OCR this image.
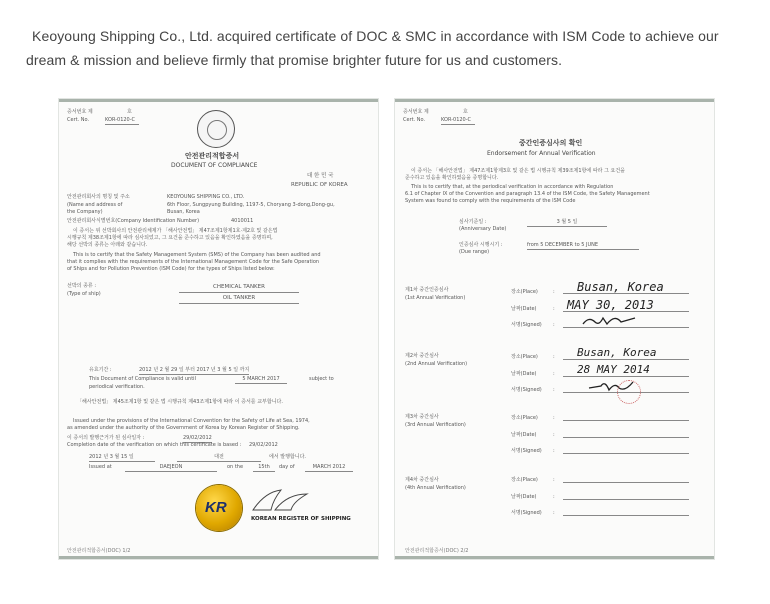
Keoyoung Shipping Co., Ltd. acquired certificate of DOC & SMC in accordance with ISM Code to achieve our
dream & mission and believe firmly that promise brighter future for us and customers.
증서번호 제	호
Cert. No.	KOR-0120-C
안전관리적합증서
DOCUMENT OF COMPLIANCE
대 한 민 국
REPUBLIC OF KOREA
안전관리회사의 명칭 및 주소	KEOYOUNG SHIPPING CO., LTD.
(Name and address of the Company)
6th Floor, Sungpyung Building, 1197-5, Choryang 3-dong,Dong-gu,
Busan, Korea
안전관리회사식별번호(Company Identification Number)	4010011
이 증서는 위 선박회사의 안전관리체제가 「해사안전법」 제47조제1항제1호·제2호 및 같은법
시행규칙 제38조제1항에 따라 심사되었고, 그 요건을 준수하고 있음을 확인하였음을 증명하며,
해당 선박의 종류는 아래와 같습니다.
This is to certify that the Safety Management System (SMS) of the Company has been audited and
that it complies with the requirements of the International Management Code for the Safe Operation
of Ships and for Pollution Prevention (ISM Code) for the types of Ships listed below:
선박의 종류 :
(Type of ship)
CHEMICAL TANKER
OIL TANKER
유효기간 :	2012 년 2 월 29 일 부터 2017 년 3 월 5 일 까지
This Document of Compliance is valid until	5 MARCH 2017	subject to
periodical verification.
「해사안전법」 제45조제1항 및 같은 법 시행규칙 제43조제1항에 따라 이 증서를 교부합니다.
Issued under the provisions of the International Convention for the Safety of Life at Sea, 1974,
as amended under the authority of the Government of Korea by Korean Register of Shipping.
이 증서의 발행근거가 된 심사일자 :	29/02/2012
Completion date of the verification on which this certificate is based : 29/02/2012
2012 년 3 월 15 일	대전	에서 발행합니다.
Issued at	DAEJEON	on the	15th	day of	MARCH 2012
KR
KOREAN REGISTER OF SHIPPING
안전관리적합증서(DOC) 1/2
증서번호 제	호
Cert. No.	KOR-0120-C
중간인증심사의 확인
Endorsement for Annual Verification
이 증서는 「해사안전법」 제47조제1항제3호 및 같은 법 시행규칙 제39조제1항에 따라 그 요건을
준수하고 있음을 확인하였음을 증명합니다.
This is to certify that, at the periodical verification in accordance with Regulation
6.1 of Chapter IX of the Convention and paragraph 13.4 of the ISM Code, the Safety Management
System was found to comply with the requirements of the ISM Code
심사기준일 :
(Anniversary Date)
3 월 5 일
인증심사 시행시기 :
(Due range)
from 5 DECEMBER to 5 JUNE
제1차 중간인증심사
(1st Annual Verification)
장소(Place)	: Busan, Korea
날짜(Date)	: MAY 30, 2013
서명(Signed) :
제2차 중간심사
(2nd Annual Verification)
장소(Place)	: Busan, Korea
날짜(Date)	: 28 MAY 2014
서명(Signed) :
제3차 중간심사
(3rd Annual Verification)
장소(Place)	:
날짜(Date)	:
서명(Signed) :
제4차 중간심사
(4th Annual Verification)
장소(Place)	:
날짜(Date)	:
서명(Signed) :
안전관리적합증서(DOC) 2/2
